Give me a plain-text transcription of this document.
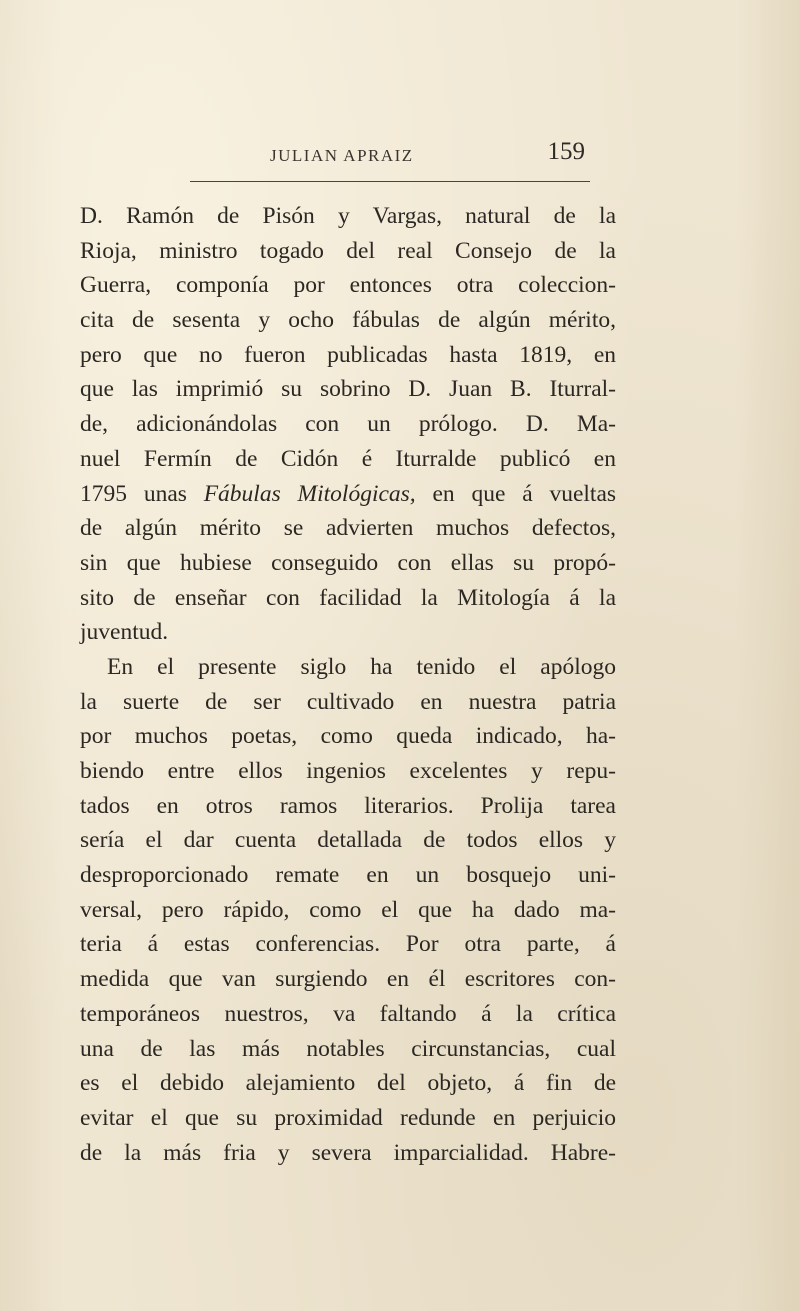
JULIAN APRAIZ	159
D. Ramón de Pisón y Vargas, natural de la
Rioja, ministro togado del real Consejo de la
Guerra, componía por entonces otra coleccion-
cita de sesenta y ocho fábulas de algún mérito,
pero que no fueron publicadas hasta 1819, en
que las imprimió su sobrino D. Juan B. Iturral-
de, adicionándolas con un prólogo. D. Ma-
nuel Fermín de Cidón é Iturralde publicó en
1795 unas Fábulas Mitológicas, en que á vueltas
de algún mérito se advierten muchos defectos,
sin que hubiese conseguido con ellas su propó-
sito de enseñar con facilidad la Mitología á la
juventud.
En el presente siglo ha tenido el apólogo
la suerte de ser cultivado en nuestra patria
por muchos poetas, como queda indicado, ha-
biendo entre ellos ingenios excelentes y repu-
tados en otros ramos literarios. Prolija tarea
sería el dar cuenta detallada de todos ellos y
desproporcionado remate en un bosquejo uni-
versal, pero rápido, como el que ha dado ma-
teria á estas conferencias. Por otra parte, á
medida que van surgiendo en él escritores con-
temporáneos nuestros, va faltando á la crítica
una de las más notables circunstancias, cual
es el debido alejamiento del objeto, á fin de
evitar el que su proximidad redunde en perjuicio
de la más fria y severa imparcialidad. Habre-
